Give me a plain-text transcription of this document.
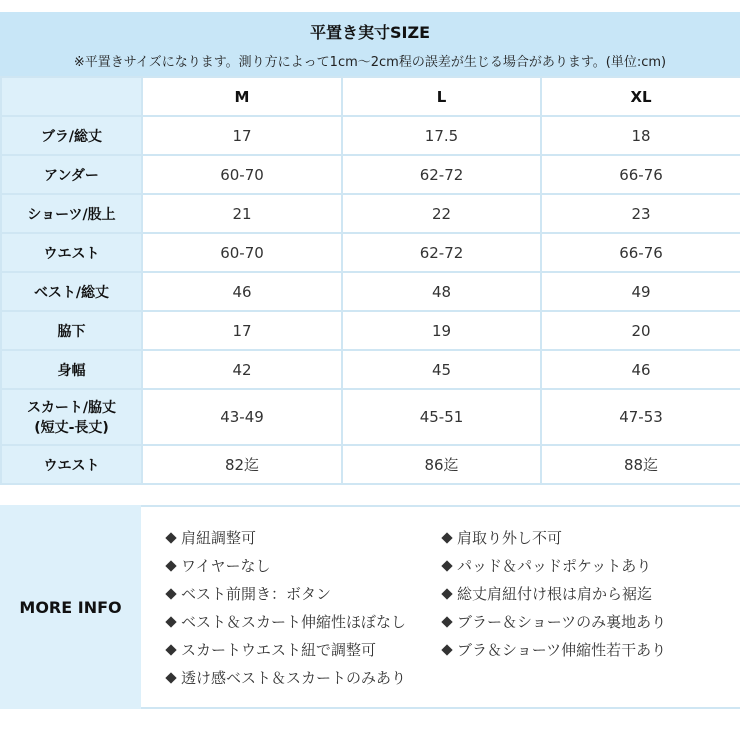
平置き実寸SIZE
※平置きサイズになります。測り方によって1cm～2cm程の誤差が生じる場合があります。(単位:cm)
	M	L	XL
ブラ/総丈	17	17.5	18
アンダー	60-70	62-72	66-76
ショーツ/股上	21	22	23
ウエスト	60-70	62-72	66-76
ベスト/総丈	46	48	49
脇下	17	19	20
身幅	42	45	46

スカート/脇丈
(短丈-長丈)	43-49	45-51	47-53
ウエスト	82迄	86迄	88迄
MORE INFO
肩紐調整可
ワイヤーなし
ベスト前開き：ボタン
ベスト＆スカート伸縮性ほぼなし
スカートウエスト紐で調整可
透け感ベスト＆スカートのみあり
肩取り外し不可
パッド＆パッドポケットあり
総丈肩紐付け根は肩から裾迄
ブラー＆ショーツのみ裏地あり
ブラ＆ショーツ伸縮性若干あり
